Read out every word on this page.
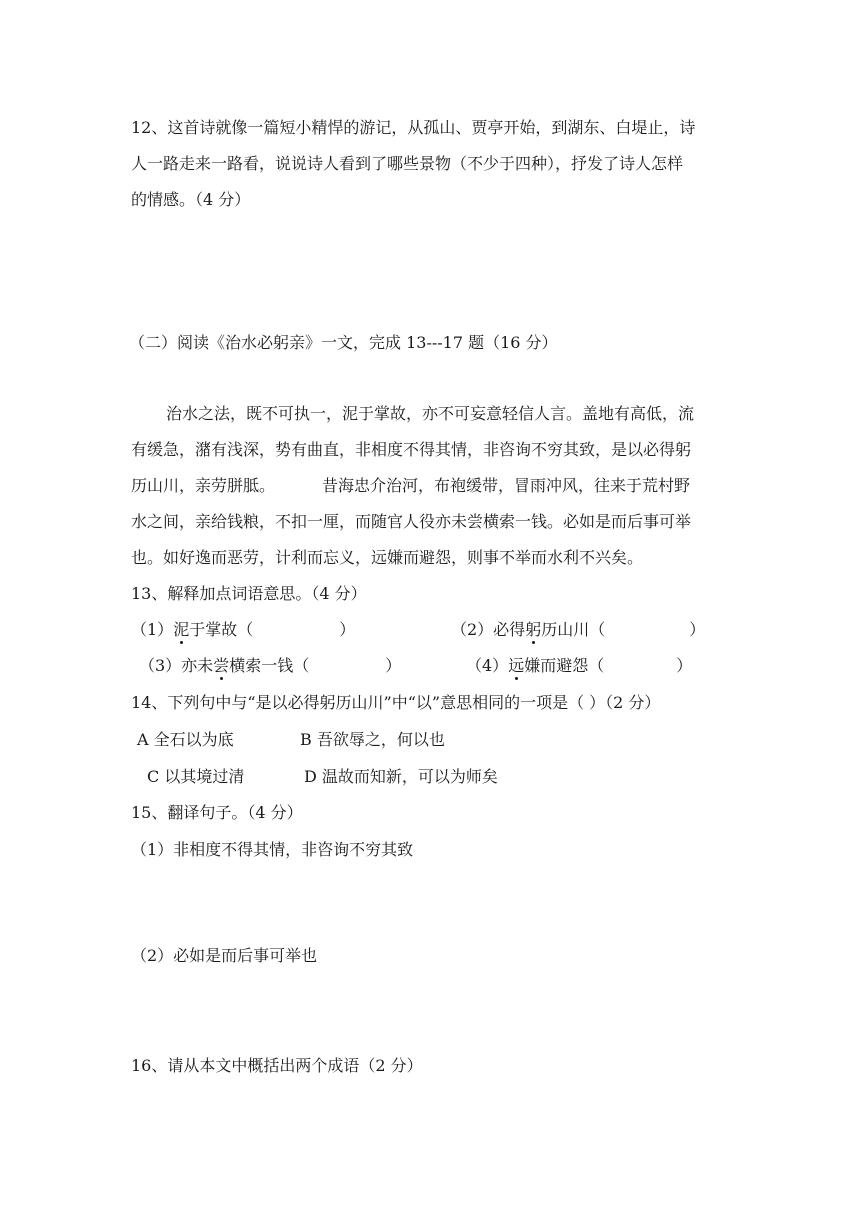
12、这首诗就像一篇短小精悍的游记，从孤山、贾亭开始，到湖东、白堤止，诗
人一路走来一路看，说说诗人看到了哪些景物（不少于四种），抒发了诗人怎样
的情感。（4 分）
（二）阅读《治水必躬亲》一文，完成 13---17 题（16 分）
治水之法，既不可执一，泥于掌故，亦不可妄意轻信人言。盖地有高低，流
有缓急，潴有浅深，势有曲直，非相度不得其情，非咨询不穷其致，是以必得躬
历山川，亲劳胼胝。	昔海忠介治河，布袍缓带，冒雨冲风，往来于荒村野
水之间，亲给钱粮，不扣一厘，而随官人役亦未尝横索一钱。必如是而后事可举
也。如好逸而恶劳，计利而忘义，远嫌而避怨，则事不举而水利不兴矣。
13、解释加点词语意思。（4 分）
（1）泥于掌故（	）	（2）必得躬历山川（	）
（3）亦未尝横索一钱（	）	（4）远嫌而避怨（	）
14、下列句中与“是以必得躬历山川”中“以”意思相同的一项是（ ）（2 分）
A 全石以为底	B 吾欲辱之，何以也
C 以其境过清	D 温故而知新，可以为师矣
15、翻译句子。（4 分）
（1）非相度不得其情，非咨询不穷其致
（2）必如是而后事可举也
16、请从本文中概括出两个成语（2 分）
